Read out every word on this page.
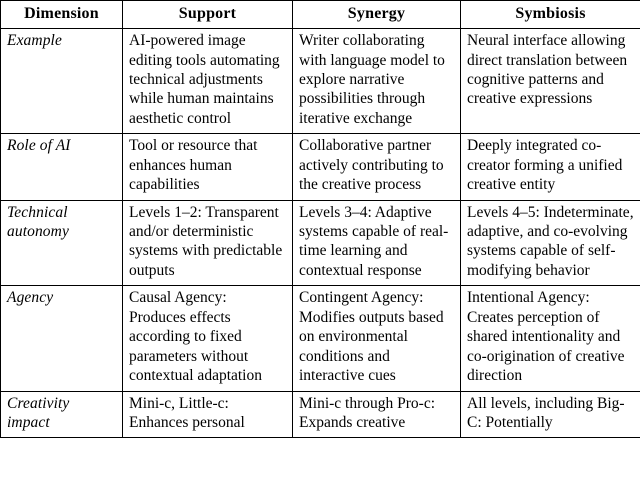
Dimension	Support	Synergy	Symbiosis
Example	AI-powered image editing tools automating technical adjustments while human maintains aesthetic control	Writer collaborating with language model to explore narrative possibilities through iterative exchange	Neural interface allowing direct translation between cognitive patterns and creative expressions
Role of AI	Tool or resource that enhances human capabilities	Collaborative partner actively contributing to the creative process	Deeply integrated co-creator forming a unified creative entity
Technical autonomy	Levels 1–2: Transparent and/or deterministic systems with predictable outputs	Levels 3–4: Adaptive systems capable of real-time learning and contextual response	Levels 4–5: Indeterminate, adaptive, and co-evolving systems capable of self-modifying behavior
Agency	Causal Agency: Produces effects according to fixed parameters without contextual adaptation	Contingent Agency: Modifies outputs based on environmental conditions and interactive cues	Intentional Agency: Creates perception of shared intentionality and co-origination of creative direction
Creativity impact	Mini-c, Little-c: Enhances personal	Mini-c through Pro-c: Expands creative	All levels, including Big-C: Potentially
